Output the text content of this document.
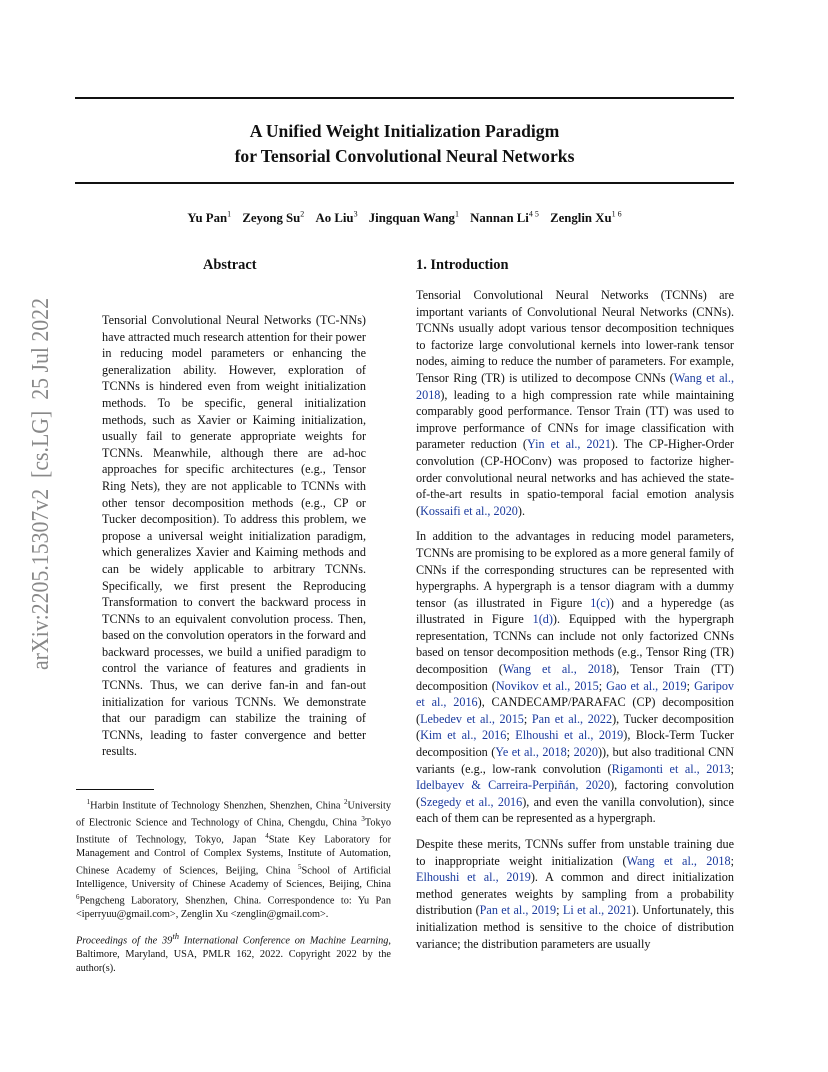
A Unified Weight Initialization Paradigm
for Tensorial Convolutional Neural Networks
Yu Pan$^1$ Zeyong Su$^2$ Ao Liu$^3$ Jingquan Wang$^1$ Nannan $Li^{4 5}$ Zenglin $Xu^{1 6}$
arXiv:2205.15307v2  [cs.LG]  25 Jul 2022	Abstract

Tensorial Convolutional Neural Networks (TC-NNs) have attracted much research attention for their power in reducing model parameters or enhancing the generalization ability. However, exploration of TCNNs is hindered even from weight initialization methods. To be specific, general initialization methods, such as Xavier or Kaiming initialization, usually fail to generate appropriate weights for TCNNs. Meanwhile, although there are ad-hoc approaches for specific architectures (e.g., Tensor Ring Nets), they are not applicable to TCNNs with other tensor decomposition methods (e.g., CP or Tucker decomposition). To address this problem, we propose a universal weight initialization paradigm, which generalizes Xavier and Kaiming methods and can be widely applicable to arbitrary TCNNs. Specifically, we first present the Reproducing Transformation to convert the backward process in TCNNs to an equivalent convolution process. Then, based on the convolution operators in the forward and backward processes, we build a unified paradigm to control the variance of features and gradients in TCNNs. Thus, we can derive fan-in and fan-out initialization for various TCNNs. We demonstrate that our paradigm can stabilize the training of TCNNs, leading to faster convergence and better results.

$^1$Harbin Institute of Technology Shenzhen, Shenzhen, China $^2$University of Electronic Science and Technology of China, Chengdu, China $^3$Tokyo Institute of Technology, Tokyo, Japan $^4$State Key Laboratory for Management and Control of Complex Systems, Institute of Automation, Chinese Academy of Sciences, Beijing, China $^5$School of Artificial Intelligence, University of Chinese Academy of Sciences, Beijing, China $^6$Pengcheng Laboratory, Shenzhen, China. Correspondence to: Yu Pan <iperryuu@gmail.com>, Zenglin Xu <zenglin@gmail.com>.
Proceedings of the 39th International Conference on Machine Learning, Baltimore, Maryland, USA, PMLR 162, 2022. Copyright 2022 by the author(s).
1. Introduction

Tensorial Convolutional Neural Networks (TCNNs) are important variants of Convolutional Neural Networks (CNNs). TCNNs usually adopt various tensor decomposition techniques to factorize large convolutional kernels into lower-rank tensor nodes, aiming to reduce the number of parameters. For example, Tensor Ring (TR) is utilized to decompose CNNs (Wang et al., 2018), leading to a high compression rate while maintaining comparably good performance. Tensor Train (TT) was used to improve performance of CNNs for image classification with parameter reduction (Yin et al., 2021). The CP-Higher-Order convolution (CP-HOConv) was proposed to factorize higher-order convolutional neural networks and has achieved the state-of-the-art results in spatio-temporal facial emotion analysis (Kossaifi et al., 2020).

In addition to the advantages in reducing model parameters, TCNNs are promising to be explored as a more general family of CNNs if the corresponding structures can be represented with hypergraphs. A hypergraph is a tensor diagram with a dummy tensor (as illustrated in Figure 1(c)) and a hyperedge (as illustrated in Figure 1(d)). Equipped with the hypergraph representation, TCNNs can include not only factorized CNNs based on tensor decomposition methods (e.g., Tensor Ring (TR) decomposition (Wang et al., 2018), Tensor Train (TT) decomposition (Novikov et al., 2015; Gao et al., 2019; Garipov et al., 2016), CANDECAMP/PARAFAC (CP) decomposition (Lebedev et al., 2015; Pan et al., 2022), Tucker decomposition (Kim et al., 2016; Elhoushi et al., 2019), Block-Term Tucker decomposition (Ye et al., 2018; 2020)), but also traditional CNN variants (e.g., low-rank convolution (Rigamonti et al., 2013; Idelbayev & Carreira-Perpiñán, 2020), factoring convolution (Szegedy et al., 2016), and even the vanilla convolution), since each of them can be represented as a hypergraph.

Despite these merits, TCNNs suffer from unstable training due to inappropriate weight initialization (Wang et al., 2018; Elhoushi et al., 2019). A common and direct initialization method generates weights by sampling from a probability distribution (Pan et al., 2019; Li et al., 2021). Unfortunately, this initialization method is sensitive to the choice of distribution variance; the distribution parameters are usually
